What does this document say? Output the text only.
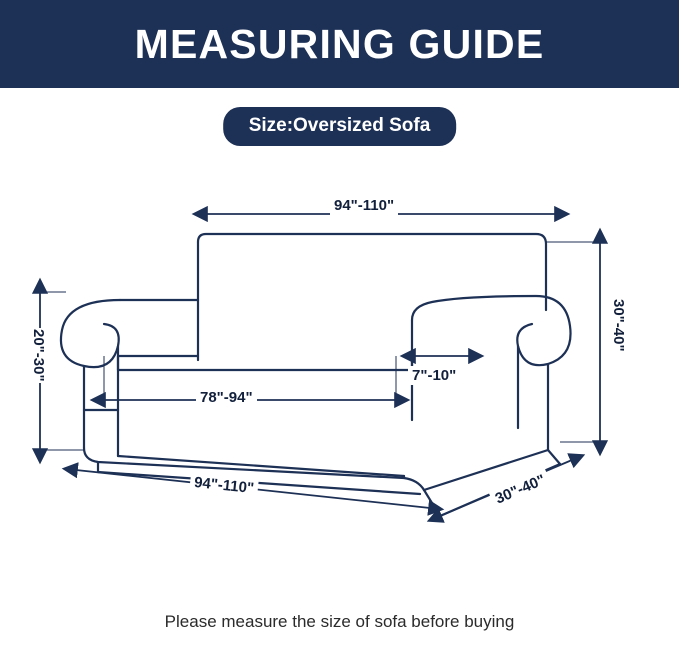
MEASURING GUIDE
Size:Oversized Sofa
94"-110"
30"-40"
20"-30"
78"-94"
7"-10"
94"-110"	30"-40"
Please measure the size of sofa before buying
